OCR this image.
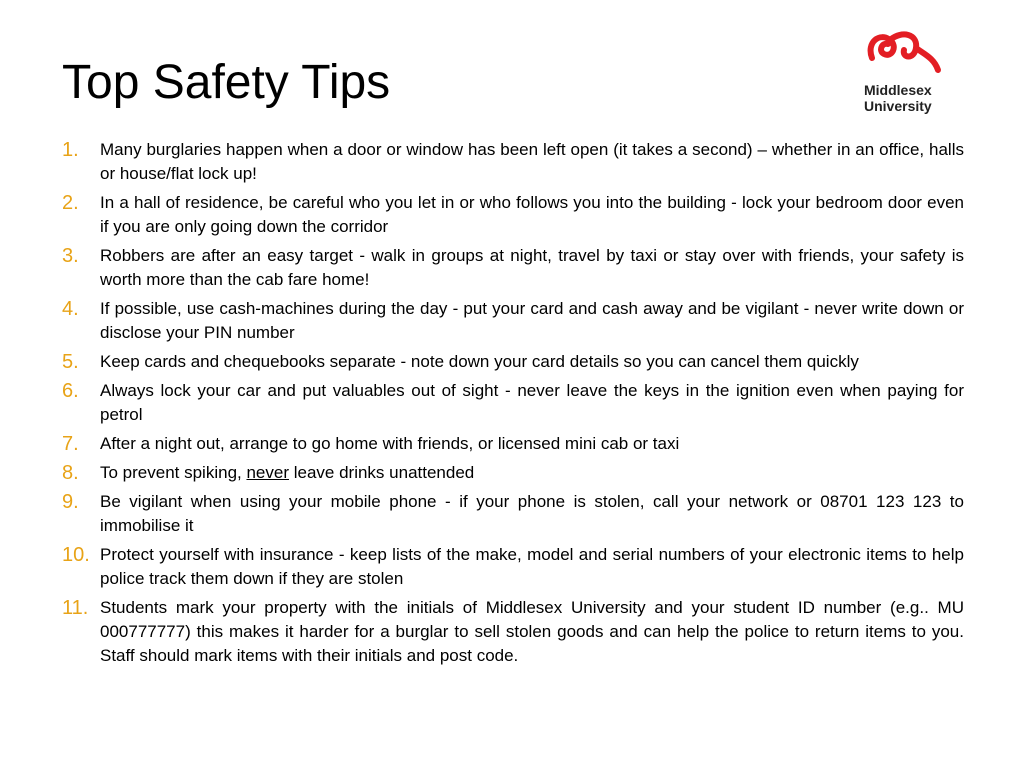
Top Safety Tips	Middlesex
University
1.	Many burglaries happen when a door or window has been left open (it takes a second) – whether in an office, halls or house/flat lock up!
2.	In a hall of residence, be careful who you let in or who follows you into the building - lock your bedroom door even if you are only going down the corridor
3.	Robbers are after an easy target - walk in groups at night, travel by taxi or stay over with friends, your safety is worth more than the cab fare home!
4.	If possible, use cash-machines during the day - put your card and cash away and be vigilant - never write down or disclose your PIN number
5.	Keep cards and chequebooks separate - note down your card details so you can cancel them quickly
6.	Always lock your car and put valuables out of sight - never leave the keys in the ignition even when paying for petrol
7.	After a night out, arrange to go home with friends, or licensed mini cab or taxi
8.	To prevent spiking, never leave drinks unattended
9.	Be vigilant when using your mobile phone - if your phone is stolen, call your network or 08701 123 123 to immobilise it
10. Protect yourself with insurance - keep lists of the make, model and serial numbers of your electronic items to help police track them down if they are stolen
11. Students mark your property with the initials of Middlesex University and your student ID number (e.g.. MU 000777777) this makes it harder for a burglar to sell stolen goods and can help the police to return items to you. Staff should mark items with their initials and post code.
